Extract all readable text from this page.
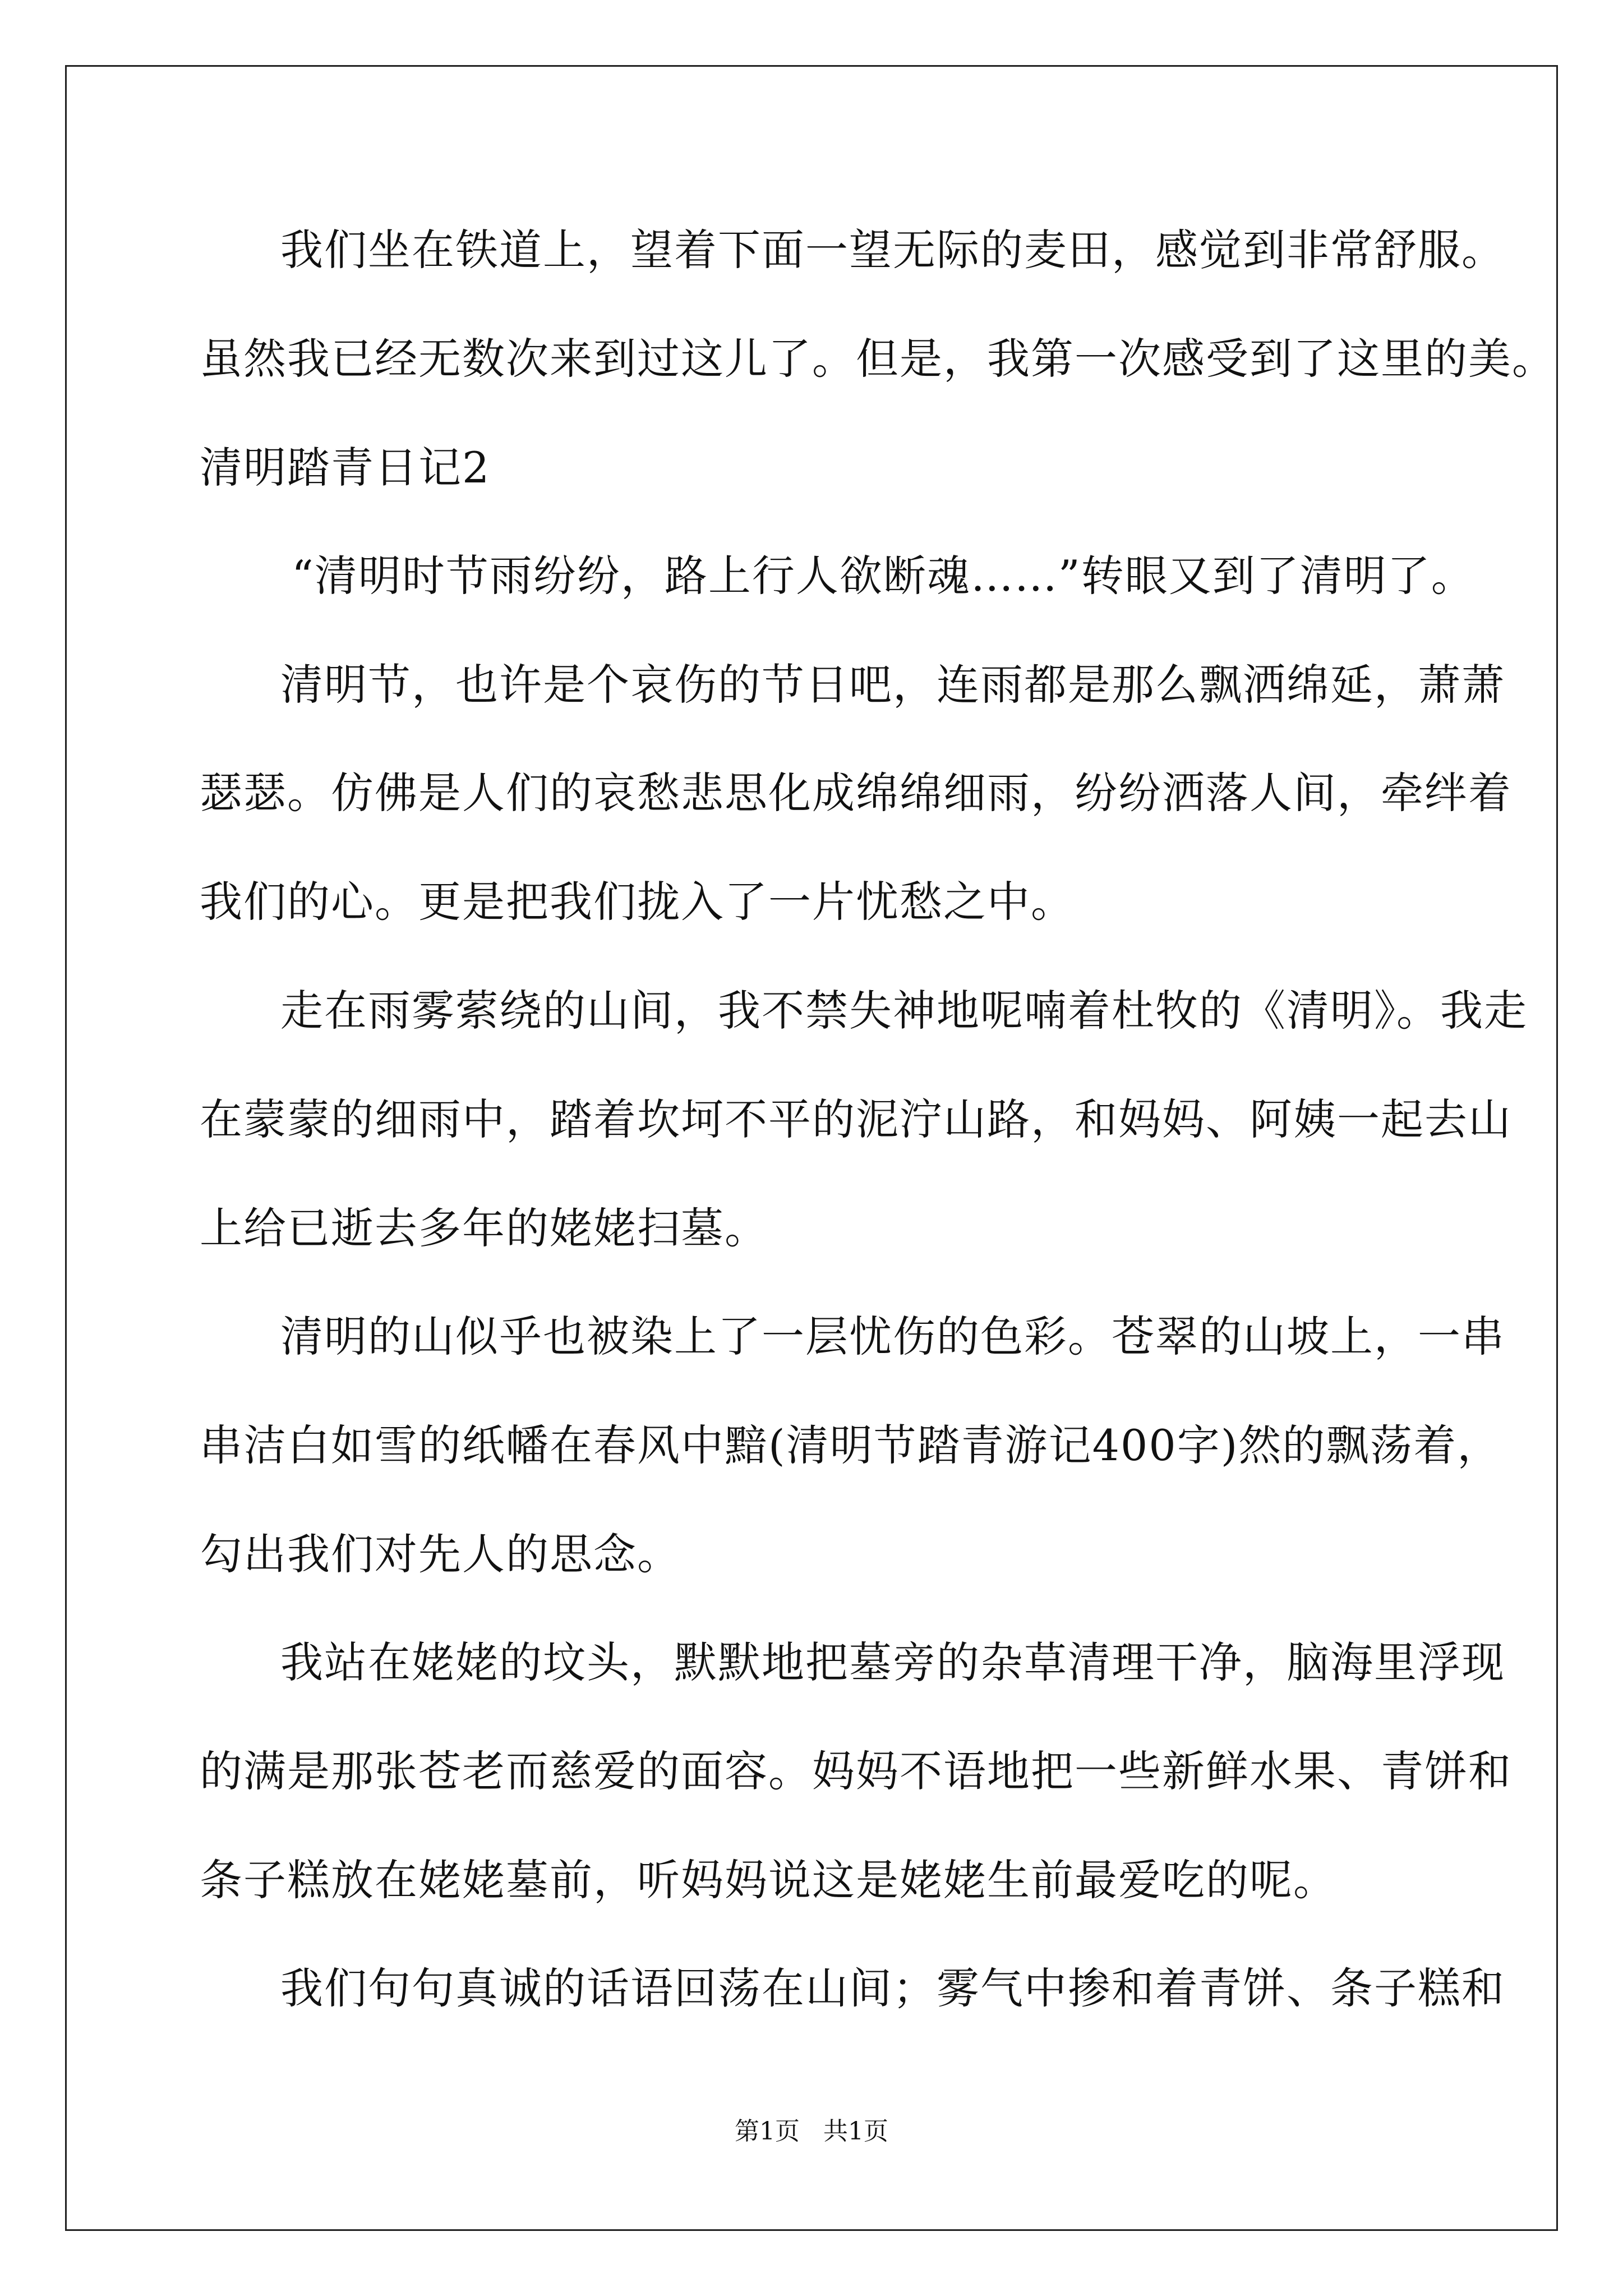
我们坐在铁道上，望着下面一望无际的麦田，感觉到非常舒服。
虽然我已经无数次来到过这儿了。但是，我第一次感受到了这里的美。
清明踏青日记2
“清明时节雨纷纷，路上行人欲断魂……”转眼又到了清明了。
清明节，也许是个哀伤的节日吧，连雨都是那么飘洒绵延，萧萧
瑟瑟。仿佛是人们的哀愁悲思化成绵绵细雨，纷纷洒落人间，牵绊着
我们的心。更是把我们拢入了一片忧愁之中。
走在雨雾萦绕的山间，我不禁失神地呢喃着杜牧的《清明》。我走
在蒙蒙的细雨中，踏着坎坷不平的泥泞山路，和妈妈、阿姨一起去山
上给已逝去多年的姥姥扫墓。
清明的山似乎也被染上了一层忧伤的色彩。苍翠的山坡上，一串
串洁白如雪的纸幡在春风中黯(清明节踏青游记400字)然的飘荡着，
勾出我们对先人的思念。
我站在姥姥的坟头，默默地把墓旁的杂草清理干净，脑海里浮现
的满是那张苍老而慈爱的面容。妈妈不语地把一些新鲜水果、青饼和
条子糕放在姥姥墓前，听妈妈说这是姥姥生前最爱吃的呢。
我们句句真诚的话语回荡在山间；雾气中掺和着青饼、条子糕和
第1页   共1页
